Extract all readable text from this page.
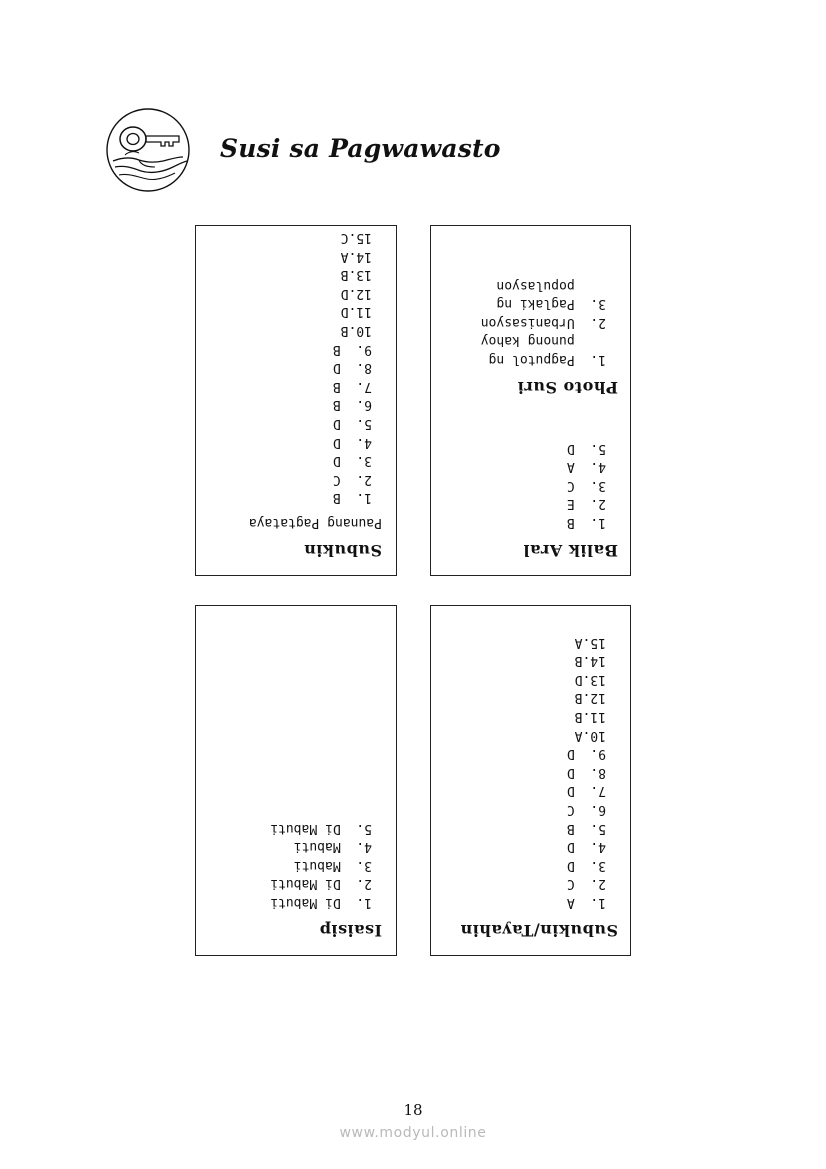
Susi sa Pagwawasto
Subukin
Paunang Pagtataya
1.  B
2.  C
3.  D
4.  D
5.  D
6.  B
7.  B
8.  D
9.  B
10.B
11.D
12.D
13.B
14.A
15.C
Balik Aral
1.  B
2.  E
3.  C
4.  A
5.  D
Photo Suri
1.  Pagputol ng
punong kahoy
2.  Urbanisasyon
3.  Paglaki ng
populasyon
Isaisip
1.  Di Mabuti
2.  Di Mabuti
3.  Mabuti
4.  Mabuti
5.  Di Mabuti
Subukin/Tayahin
1.  A
2.  C
3.  D
4.  D
5.  B
6.  C
7.  D
8.  D
9.  D
10.A
11.B
12.B
13.D
14.B
15.A
18
www.modyul.online
